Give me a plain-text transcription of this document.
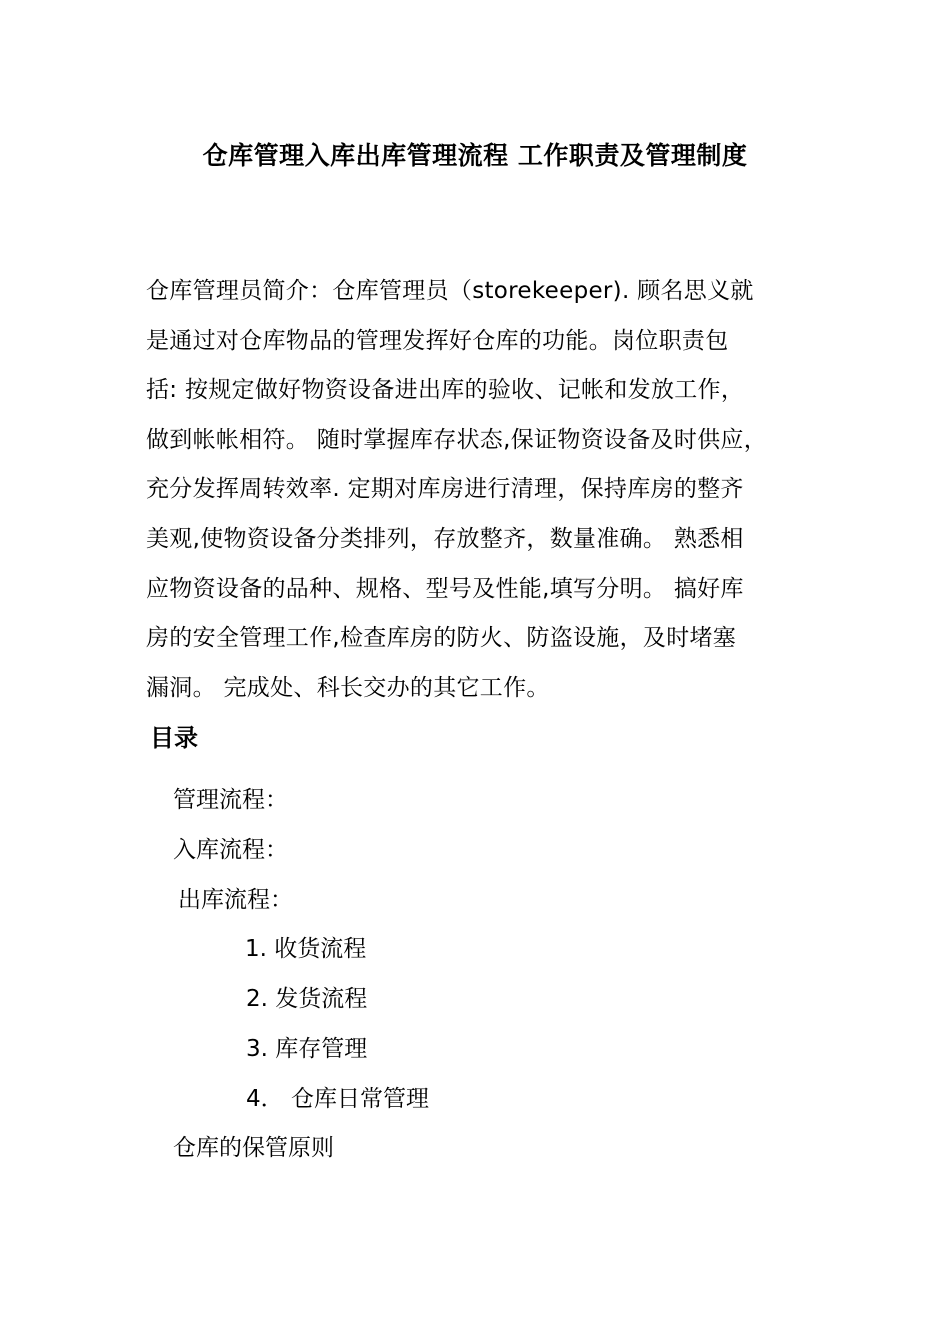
仓库管理入库出库管理流程 工作职责及管理制度
仓库管理员简介：仓库管理员（storekeeper). 顾名思义就
是通过对仓库物品的管理发挥好仓库的功能。岗位职责包
括: 按规定做好物资设备进出库的验收、记帐和发放工作，
做到帐帐相符。 随时掌握库存状态,保证物资设备及时供应，
充分发挥周转效率. 定期对库房进行清理，保持库房的整齐
美观,使物资设备分类排列，存放整齐，数量准确。 熟悉相
应物资设备的品种、规格、型号及性能,填写分明。 搞好库
房的安全管理工作,检查库房的防火、防盗设施，及时堵塞
漏洞。 完成处、科长交办的其它工作。
目录
管理流程：
入库流程：
出库流程：
1. 收货流程
2. 发货流程
3. 库存管理
4． 仓库日常管理
仓库的保管原则
